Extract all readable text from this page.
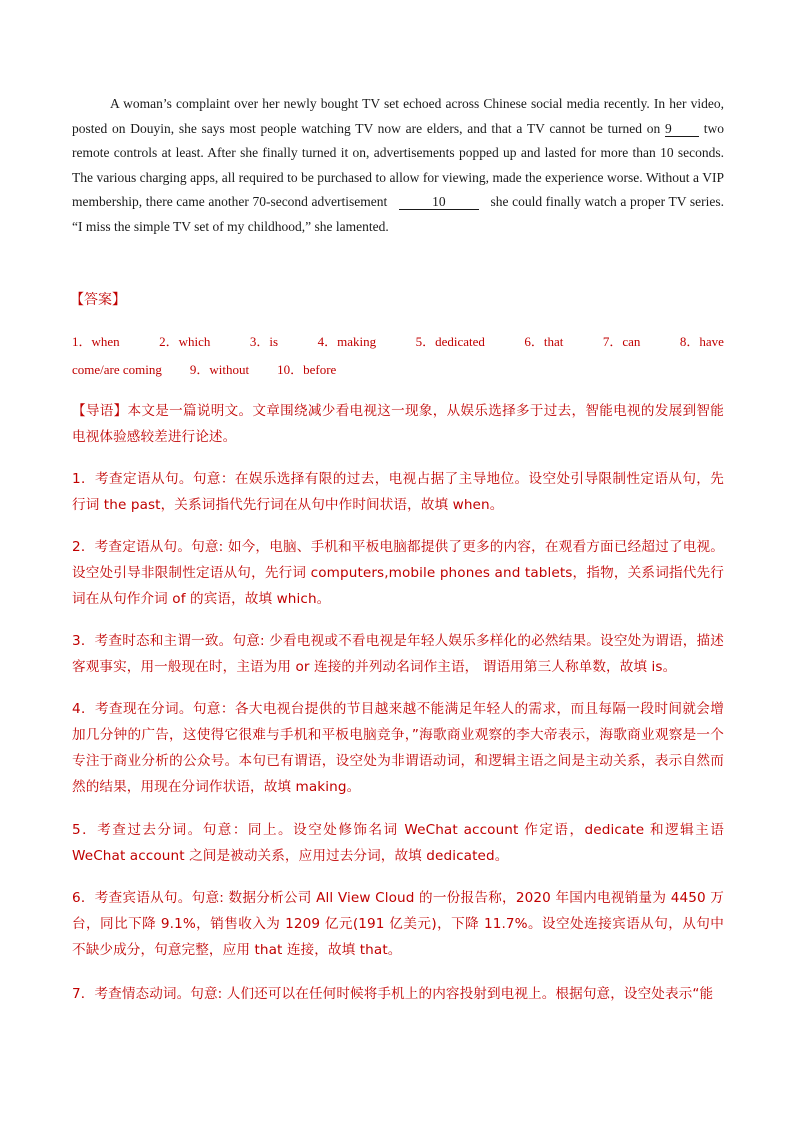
A woman’s complaint over her newly bought TV set echoed across Chinese social media recently. In her video, posted on Douyin, she says most people watching TV now are elders, and that a TV cannot be turned on 9 two remote controls at least. After she finally turned it on, advertisements popped up and lasted for more than 10 seconds. The various charging apps, all required to be purchased to allow for viewing, made the experience worse. Without a VIP membership, there came another 70-second advertisement	10	she could finally watch a proper TV series. “I miss the simple TV set of my childhood,” she lamented.

【答案】
1．when	2．which	3．is	4．making	5．dedicated	6．that	7．can	8．have
come/are coming 9．without 10．before

【导语】本文是一篇说明文。文章围绕减少看电视这一现象，从娱乐选择多于过去，智能电视的发展到智能电视体验感较差进行论述。

1．考查定语从句。句意：在娱乐选择有限的过去，电视占据了主导地位。设空处引导限制性定语从句，先行词 the past，关系词指代先行词在从句中作时间状语，故填 when。

2．考查定语从句。句意: 如今，电脑、手机和平板电脑都提供了更多的内容，在观看方面已经超过了电视。设空处引导非限制性定语从句，先行词 computers,mobile phones and tablets，指物，关系词指代先行词在从句作介词 of 的宾语，故填 which。

3．考查时态和主谓一致。句意: 少看电视或不看电视是年轻人娱乐多样化的必然结果。设空处为谓语，描述客观事实，用一般现在时，主语为用 or 连接的并列动名词作主语， 谓语用第三人称单数，故填 is。

4．考查现在分词。句意：各大电视台提供的节目越来越不能满足年轻人的需求，而且每隔一段时间就会增加几分钟的广告，这使得它很难与手机和平板电脑竞争，”海歌商业观察的李大帝表示，海歌商业观察是一个专注于商业分析的公众号。本句已有谓语，设空处为非谓语动词，和逻辑主语之间是主动关系，表示自然而然的结果，用现在分词作状语，故填 making。

5．考查过去分词。句意：同上。设空处修饰名词 WeChat account 作定语，dedicate 和逻辑主语 WeChat account 之间是被动关系，应用过去分词，故填 dedicated。

6．考查宾语从句。句意: 数据分析公司 All View Cloud 的一份报告称，2020 年国内电视销量为 4450 万台，同比下降 9.1%，销售收入为 1209 亿元(191 亿美元)，下降 11.7%。设空处连接宾语从句，从句中不缺少成分，句意完整，应用 that 连接，故填 that。

7．考查情态动词。句意: 人们还可以在任何时候将手机上的内容投射到电视上。根据句意，设空处表示“能
